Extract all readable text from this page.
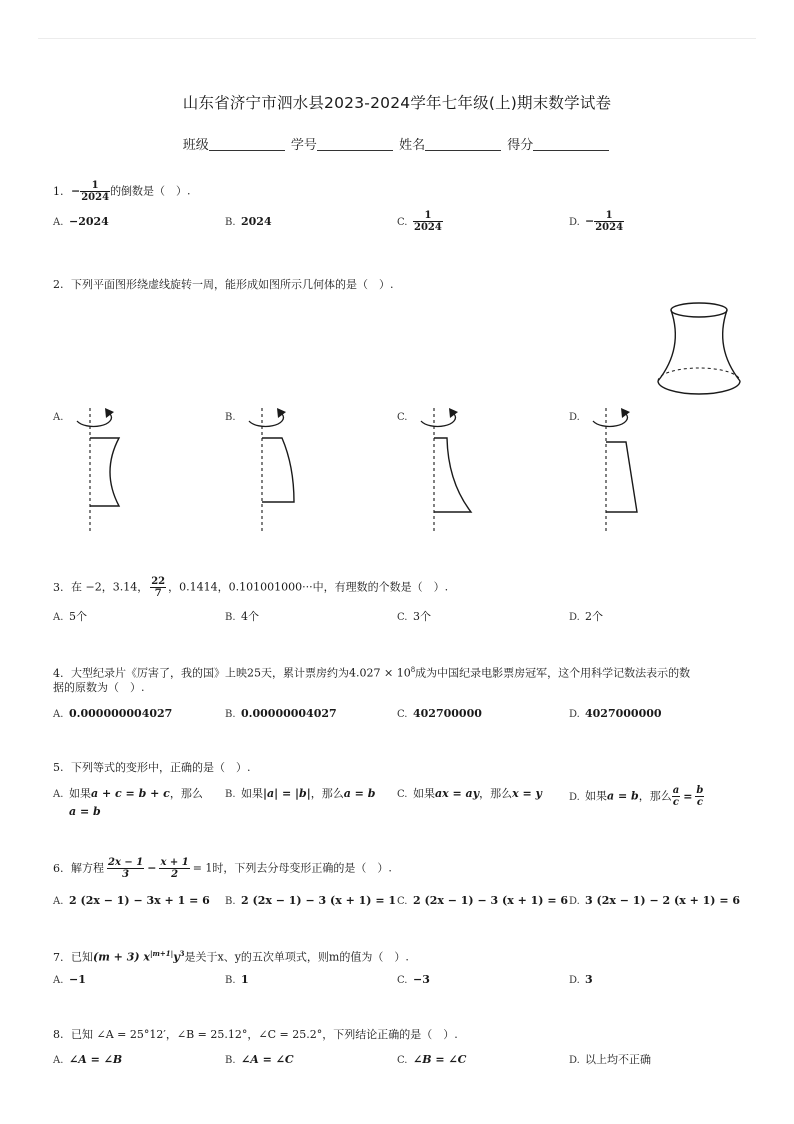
山东省济宁市泗水县2023-2024学年七年级(上)期末数学试卷
班级	学号	姓名	得分
1. − $\frac{1}{2024}$ 的倒数是（　）.
A. −2024	B. 2024	C. $\frac{1}{2024}$	D. − $\frac{1}{2024}$
2. 下列平面图形绕虚线旋转一周，能形成如图所示几何体的是（　）.
A.	B.	C.	D.
3. 在 −2，3.14， $\frac{22}{7}$ ，0.1414，0.101001000···中，有理数的个数是（　）.
A. 5个	B. 4个	C. 3个	D. 2个
4. 大型纪录片《厉害了，我的国》上映25天，累计票房约为$4.027 \times 10^8$成为中国纪录电影票房冠军，这个用科学记数法表示的数
据的原数为（　）.
A. 0.000000004027	B. 0.00000004027	C. 402700000	D. 4027000000
5. 下列等式的变形中，正确的是（　）.
A. 如果a + c = b + c，那么
a = b
B. 如果|a| = |b|，那么a = b C. 如果ax = ay，那么x = y	D. 如果a = b，那么 $\frac{a}{c} = \frac{b}{c}$
6. 解方程 $\frac{2x - 1}{3} - \frac{x + 1}{2} = 1$时，下列去分母变形正确的是（　）.
A. 2 (2x − 1) − 3x + 1 = 6 B. 2 (2x − 1) − 3 (x + 1) = 1 C. 2 (2x − 1) − 3 (x + 1) = 6 D. 3 (2x − 1) − 2 (x + 1) = 6
7. 已知(m + 3) $x^{|m+1|}y^3$是关于x、y的五次单项式，则m的值为（　）.
A. −1	B. 1	C. −3	D. 3
8. 已知 ∠A = 25°12′，∠B = 25.12°，∠C = 25.2°，下列结论正确的是（　）.
A. ∠A = ∠B	B. ∠A = ∠C	C. ∠B = ∠C	D. 以上均不正确
